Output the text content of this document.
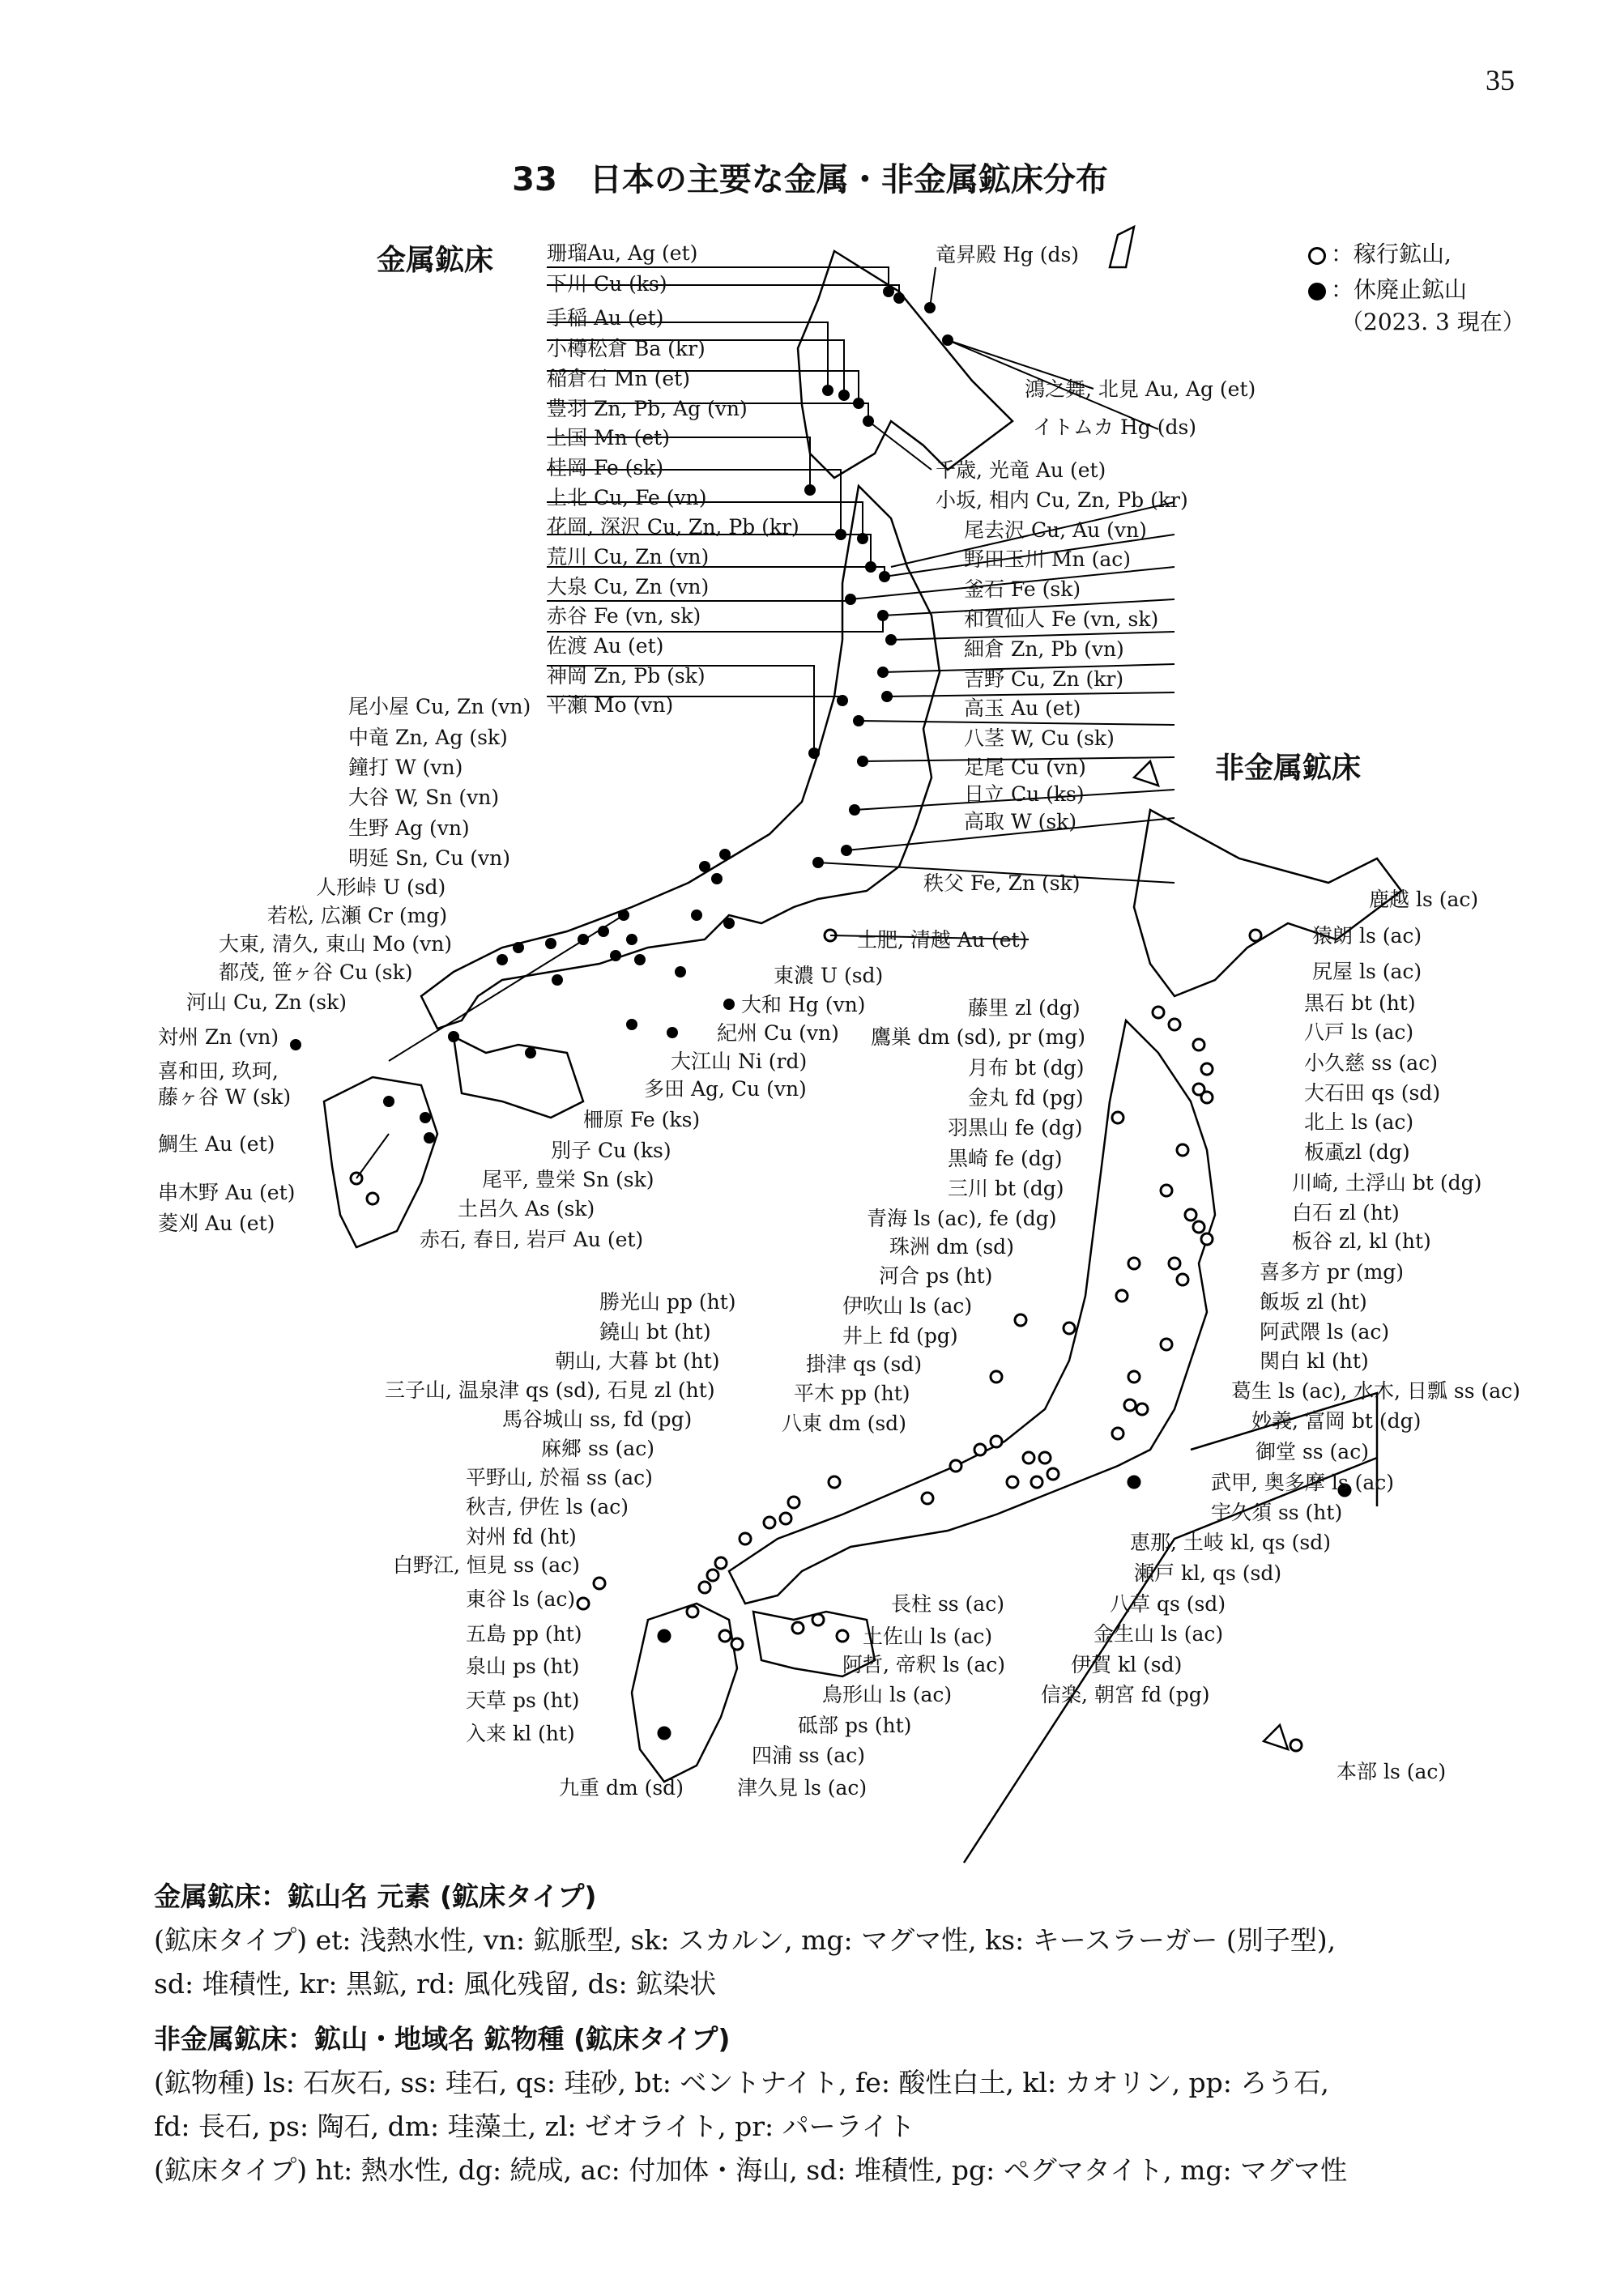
35
33　日本の主要な金属・非金属鉱床分布
金属鉱床
非金属鉱床
：稼行鉱山,
：休廃止鉱山
（2023. 3 現在）
珊瑠Au, Ag (et)
下川 Cu (ks)
手稲 Au (et)
小樽松倉 Ba (kr)
稲倉石 Mn (et)
豊羽 Zn, Pb, Ag (vn)
上国 Mn (et)
桂岡 Fe (sk)
上北 Cu, Fe (vn)
花岡, 深沢 Cu, Zn, Pb (kr)
荒川 Cu, Zn (vn)
大泉 Cu, Zn (vn)
赤谷 Fe (vn, sk)
佐渡 Au (et)
神岡 Zn, Pb (sk)
平瀬 Mo (vn)
尾小屋 Cu, Zn (vn)
中竜 Zn, Ag (sk)
鐘打 W (vn)
大谷 W, Sn (vn)
生野 Ag (vn)
明延 Sn, Cu (vn)
人形峠 U (sd)
若松, 広瀬 Cr (mg)
大東, 清久, 東山 Mo (vn)
都茂, 笹ヶ谷 Cu (sk)
河山 Cu, Zn (sk)
対州 Zn (vn)
喜和田, 玖珂,
藤ヶ谷 W (sk)
鯛生 Au (et)
串木野 Au (et)
菱刈 Au (et)
竜昇殿 Hg (ds)
鴻之舞, 北見 Au, Ag (et)
イトムカ Hg (ds)
千歳, 光竜 Au (et)
小坂, 相内 Cu, Zn, Pb (kr)
尾去沢 Cu, Au (vn)
野田玉川 Mn (ac)
釜石 Fe (sk)
和賀仙人 Fe (vn, sk)
細倉 Zn, Pb (vn)
吉野 Cu, Zn (kr)
高玉 Au (et)
八茎 W, Cu (sk)
足尾 Cu (vn)
日立 Cu (ks)
高取 W (sk)
秩父 Fe, Zn (sk)
土肥, 清越 Au (et)
東濃 U (sd)
大和 Hg (vn)
紀州 Cu (vn)
大江山 Ni (rd)
多田 Ag, Cu (vn)
柵原 Fe (ks)
別子 Cu (ks)
尾平, 豊栄 Sn (sk)
土呂久 As (sk)
赤石, 春日, 岩戸 Au (et)
鹿越 ls (ac)
猿朗 ls (ac)
尻屋 ls (ac)
黒石 bt (ht)
八戸 ls (ac)
小久慈 ss (ac)
大石田 qs (sd)
北上 ls (ac)
板颪zl (dg)
川崎, 土浮山 bt (dg)
白石 zl (ht)
板谷 zl, kl (ht)
喜多方 pr (mg)
飯坂 zl (ht)
阿武隈 ls (ac)
関白 kl (ht)
葛生 ls (ac), 水木, 日瓢 ss (ac)
妙義, 富岡 bt (dg)
御堂 ss (ac)
武甲, 奥多摩 ls (ac)
宇久須 ss (ht)
恵那, 土岐 kl, qs (sd)
瀬戸 kl, qs (sd)
八草 qs (sd)
金生山 ls (ac)
伊賀 kl (sd)
信楽, 朝宮 fd (pg)
本部 ls (ac)
藤里 zl (dg)
鷹巣 dm (sd), pr (mg)
月布 bt (dg)
金丸 fd (pg)
羽黒山 fe (dg)
黒崎 fe (dg)
三川 bt (dg)
青海 ls (ac), fe (dg)
珠洲 dm (sd)
河合 ps (ht)
伊吹山 ls (ac)
井上 fd (pg)
掛津 qs (sd)
平木 pp (ht)
八東 dm (sd)
勝光山 pp (ht)
鐃山 bt (ht)
朝山, 大暮 bt (ht)
三子山, 温泉津 qs (sd), 石見 zl (ht)
馬谷城山 ss, fd (pg)
麻郷 ss (ac)
平野山, 於福 ss (ac)
秋吉, 伊佐 ls (ac)
対州 fd (ht)
白野江, 恒見 ss (ac)
東谷 ls (ac)
五島 pp (ht)
泉山 ps (ht)
天草 ps (ht)
入来 kl (ht)
九重 dm (sd)
長柱 ss (ac)
土佐山 ls (ac)
阿哲, 帝釈 ls (ac)
鳥形山 ls (ac)
砥部 ps (ht)
四浦 ss (ac)
津久見 ls (ac)
金属鉱床：鉱山名 元素 (鉱床タイプ)
(鉱床タイプ) et: 浅熱水性, vn: 鉱脈型, sk: スカルン, mg: マグマ性, ks: キースラーガー (別子型),
sd: 堆積性, kr: 黒鉱, rd: 風化残留, ds: 鉱染状
非金属鉱床：鉱山・地域名 鉱物種 (鉱床タイプ)
(鉱物種) ls: 石灰石, ss: 珪石, qs: 珪砂, bt: ベントナイト, fe: 酸性白土, kl: カオリン, pp: ろう石,
fd: 長石, ps: 陶石, dm: 珪藻土, zl: ゼオライト, pr: パーライト
(鉱床タイプ) ht: 熱水性, dg: 続成, ac: 付加体・海山, sd: 堆積性, pg: ペグマタイト, mg: マグマ性
